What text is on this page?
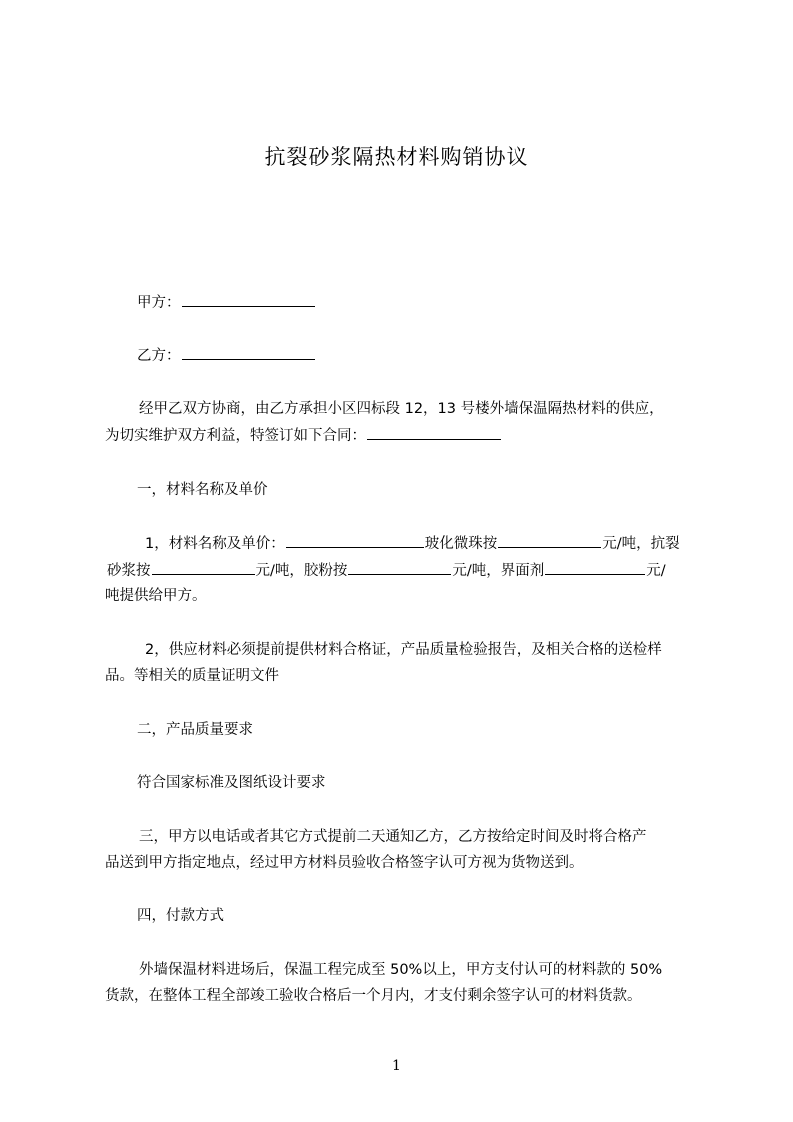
抗裂砂浆隔热材料购销协议
甲方：
乙方：
经甲乙双方协商，由乙方承担小区四标段 12，13 号楼外墙保温隔热材料的供应，
为切实维护双方利益，特签订如下合同：
一，材料名称及单价
1，材料名称及单价：	玻化微珠按	元/吨，抗裂
砂浆按	元/吨，胶粉按	元/吨，界面剂	元/
吨提供给甲方。
2，供应材料必须提前提供材料合格证，产品质量检验报告，及相关合格的送检样
品。等相关的质量证明文件
二，产品质量要求
符合国家标准及图纸设计要求
三，甲方以电话或者其它方式提前二天通知乙方，乙方按给定时间及时将合格产
品送到甲方指定地点，经过甲方材料员验收合格签字认可方视为货物送到。
四，付款方式
外墙保温材料进场后，保温工程完成至 50%以上，甲方支付认可的材料款的 50%
货款，在整体工程全部竣工验收合格后一个月内，才支付剩余签字认可的材料货款。
1
